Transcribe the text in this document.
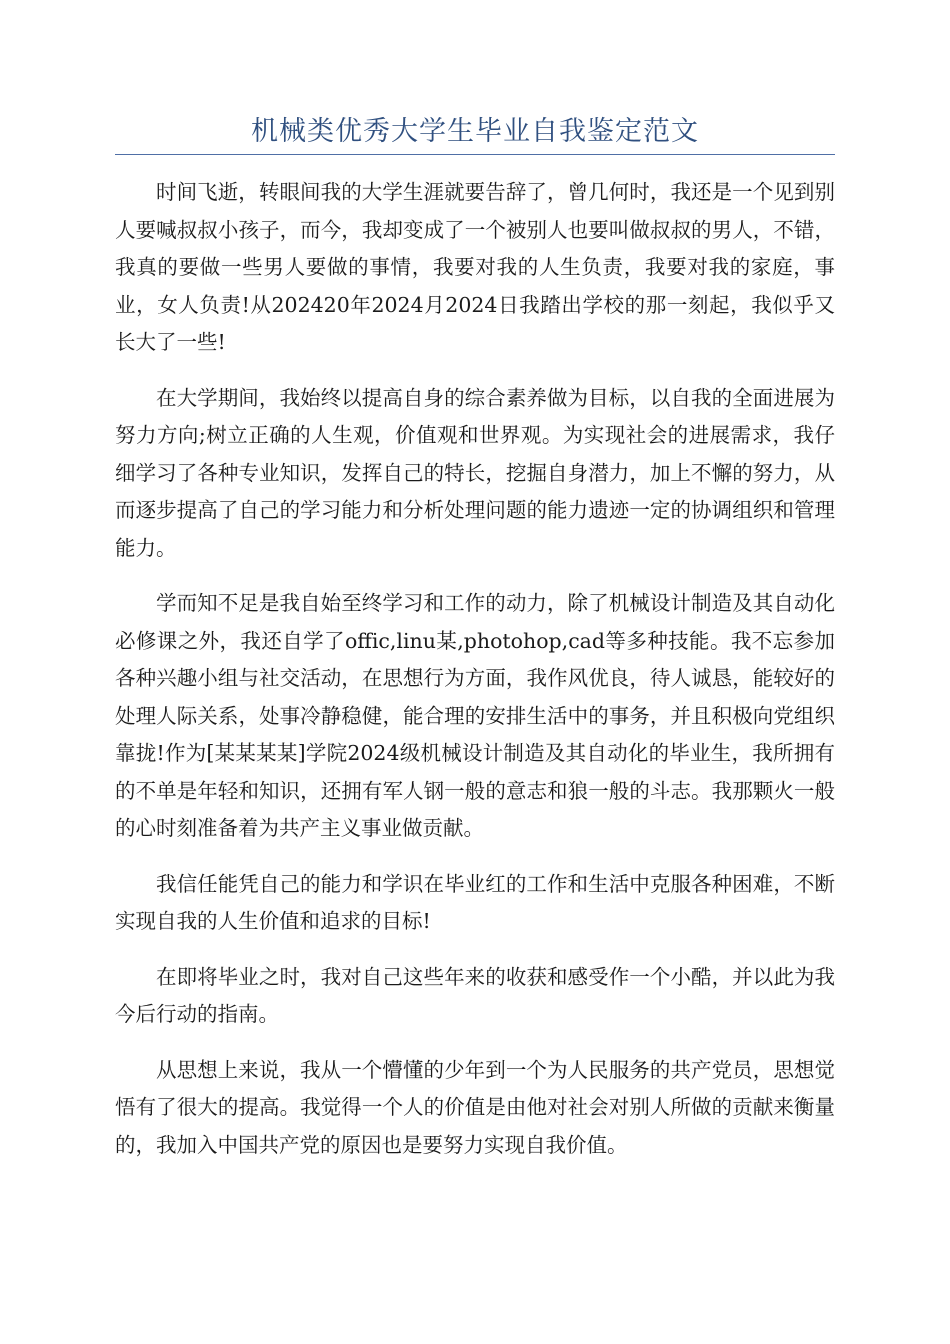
机械类优秀大学生毕业自我鉴定范文

时间飞逝，转眼间我的大学生涯就要告辞了，曾几何时，我还是一个见到别人要喊叔叔小孩子，而今，我却变成了一个被别人也要叫做叔叔的男人，不错，我真的要做一些男人要做的事情，我要对我的人生负责，我要对我的家庭，事业，女人负责!从202420年2024月2024日我踏出学校的那一刻起，我似乎又长大了一些!

在大学期间，我始终以提高自身的综合素养做为目标，以自我的全面进展为努力方向;树立正确的人生观，价值观和世界观。为实现社会的进展需求，我仔细学习了各种专业知识，发挥自己的特长，挖掘自身潜力，加上不懈的努力，从而逐步提高了自己的学习能力和分析处理问题的能力遗迹一定的协调组织和管理能力。

学而知不足是我自始至终学习和工作的动力，除了机械设计制造及其自动化必修课之外，我还自学了offic,linu某,photohop,cad等多种技能。我不忘参加各种兴趣小组与社交活动，在思想行为方面，我作风优良，待人诚恳，能较好的处理人际关系，处事冷静稳健，能合理的安排生活中的事务，并且积极向党组织靠拢!作为[某某某某]学院2024级机械设计制造及其自动化的毕业生，我所拥有的不单是年轻和知识，还拥有军人钢一般的意志和狼一般的斗志。我那颗火一般的心时刻准备着为共产主义事业做贡献。

我信任能凭自己的能力和学识在毕业红的工作和生活中克服各种困难，不断实现自我的人生价值和追求的目标!

在即将毕业之时，我对自己这些年来的收获和感受作一个小酷，并以此为我今后行动的指南。

从思想上来说，我从一个懵懂的少年到一个为人民服务的共产党员，思想觉悟有了很大的提高。我觉得一个人的价值是由他对社会对别人所做的贡献来衡量的，我加入中国共产党的原因也是要努力实现自我价值。
